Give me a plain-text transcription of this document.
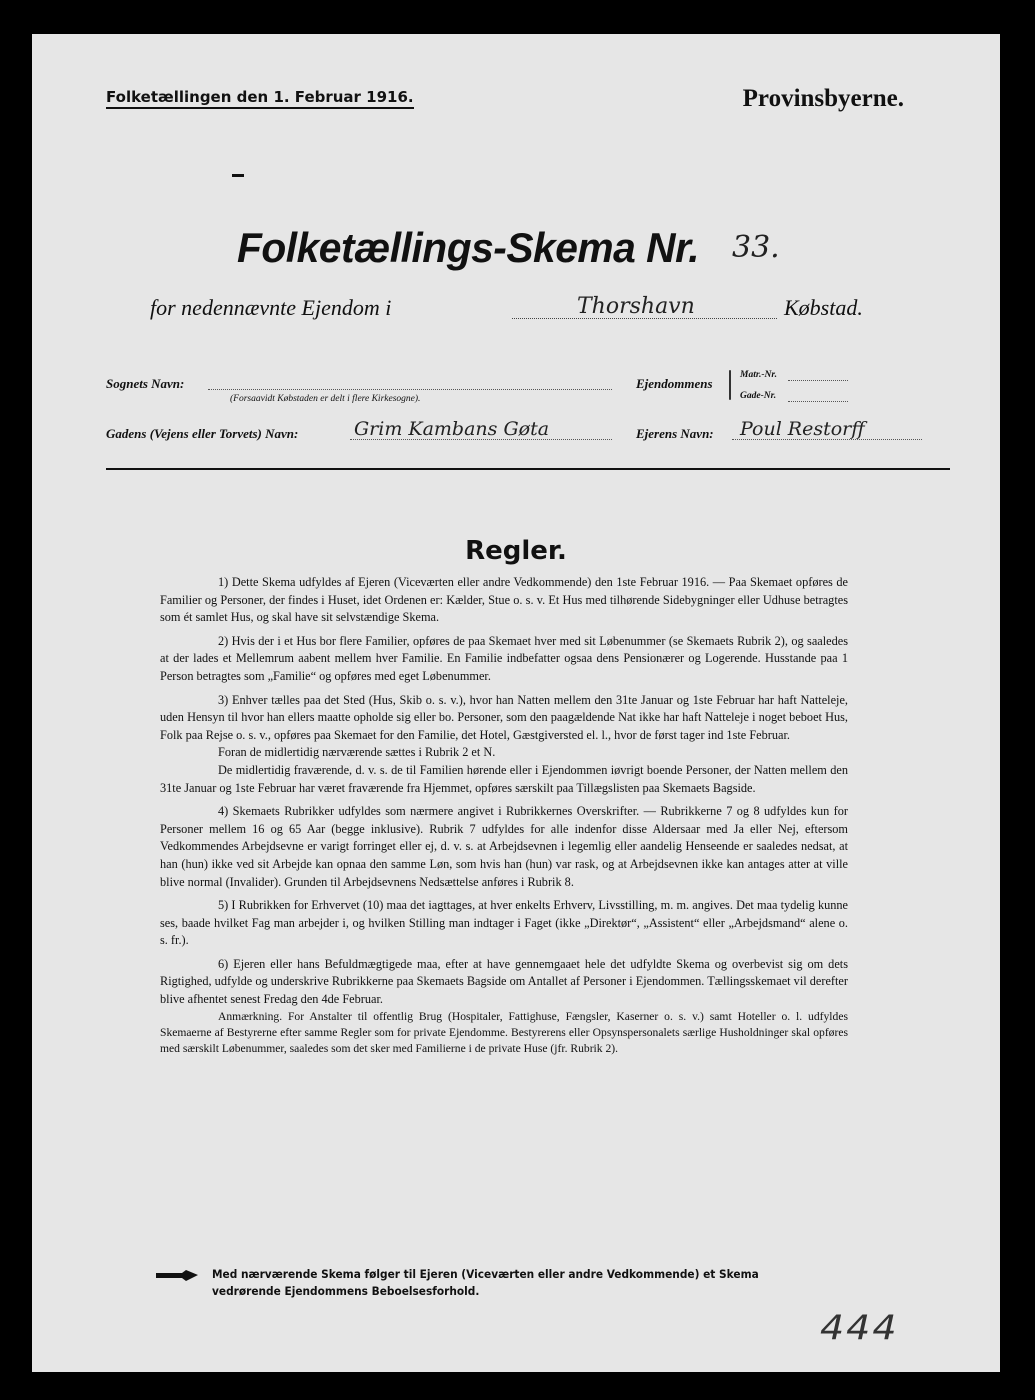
Folketællingen den 1. Februar 1916.	Provinsbyerne.
Folketællings-Skema Nr. 33.
for nedennævnte Ejendom i	Thorshavn	Købstad.
Sognets Navn:
(Forsaavidt Købstaden er delt i flere Kirkesogne).
Ejendommens
Matr.-Nr.
Gade-Nr.
Gadens (Vejens eller Torvets) Navn:	Grim Kambans Gøta	Ejerens Navn: Poul Restorff
Regler.

1) Dette Skema udfyldes af Ejeren (Viceværten eller andre Vedkommende) den 1ste Februar 1916. — Paa Skemaet opføres de Familier og Personer, der findes i Huset, idet Ordenen er: Kælder, Stue o. s. v. Et Hus med tilhørende Sidebygninger eller Udhuse betragtes som ét samlet Hus, og skal have sit selvstændige Skema.

2) Hvis der i et Hus bor flere Familier, opføres de paa Skemaet hver med sit Løbenummer (se Skemaets Rubrik 2), og saaledes at der lades et Mellemrum aabent mellem hver Familie. En Familie indbefatter ogsaa dens Pensionærer og Logerende. Husstande paa 1 Person betragtes som „Familie“ og opføres med eget Løbenummer.

3) Enhver tælles paa det Sted (Hus, Skib o. s. v.), hvor han Natten mellem den 31te Januar og 1ste Februar har haft Natteleje, uden Hensyn til hvor han ellers maatte opholde sig eller bo. Personer, som den paagældende Nat ikke har haft Natteleje i noget beboet Hus, Folk paa Rejse o. s. v., opføres paa Skemaet for den Familie, det Hotel, Gæstgiversted el. l., hvor de først tager ind 1ste Februar.

Foran de midlertidig nærværende sættes i Rubrik 2 et N.

De midlertidig fraværende, d. v. s. de til Familien hørende eller i Ejendommen iøvrigt boende Personer, der Natten mellem den 31te Januar og 1ste Februar har været fraværende fra Hjemmet, opføres særskilt paa Tillægslisten paa Skemaets Bagside.

4) Skemaets Rubrikker udfyldes som nærmere angivet i Rubrikkernes Overskrifter. — Rubrikkerne 7 og 8 udfyldes kun for Personer mellem 16 og 65 Aar (begge inklusive). Rubrik 7 udfyldes for alle indenfor disse Aldersaar med Ja eller Nej, eftersom Vedkommendes Arbejdsevne er varigt forringet eller ej, d. v. s. at Arbejdsevnen i legemlig eller aandelig Henseende er saaledes nedsat, at han (hun) ikke ved sit Arbejde kan opnaa den samme Løn, som hvis han (hun) var rask, og at Arbejdsevnen ikke kan antages atter at ville blive normal (Invalider). Grunden til Arbejdsevnens Nedsættelse anføres i Rubrik 8.

5) I Rubrikken for Erhvervet (10) maa det iagttages, at hver enkelts Erhverv, Livsstilling, m. m. angives. Det maa tydelig kunne ses, baade hvilket Fag man arbejder i, og hvilken Stilling man indtager i Faget (ikke „Direktør“, „Assistent“ eller „Arbejdsmand“ alene o. s. fr.).

6) Ejeren eller hans Befuldmægtigede maa, efter at have gennemgaaet hele det udfyldte Skema og overbevist sig om dets Rigtighed, udfylde og underskrive Rubrikkerne paa Skemaets Bagside om Antallet af Personer i Ejendommen. Tællingsskemaet vil derefter blive afhentet senest Fredag den 4de Februar.

Anmærkning. For Anstalter til offentlig Brug (Hospitaler, Fattighuse, Fængsler, Kaserner o. s. v.) samt Hoteller o. l. udfyldes Skemaerne af Bestyrerne efter samme Regler som for private Ejendomme. Bestyrerens eller Opsynspersonalets særlige Husholdninger skal opføres med særskilt Løbenummer, saaledes som det sker med Familierne i de private Huse (jfr. Rubrik 2).

Med nærværende Skema følger til Ejeren (Viceværten eller andre Vedkommende) et Skema vedrørende Ejendommens Beboelsesforhold.
444
